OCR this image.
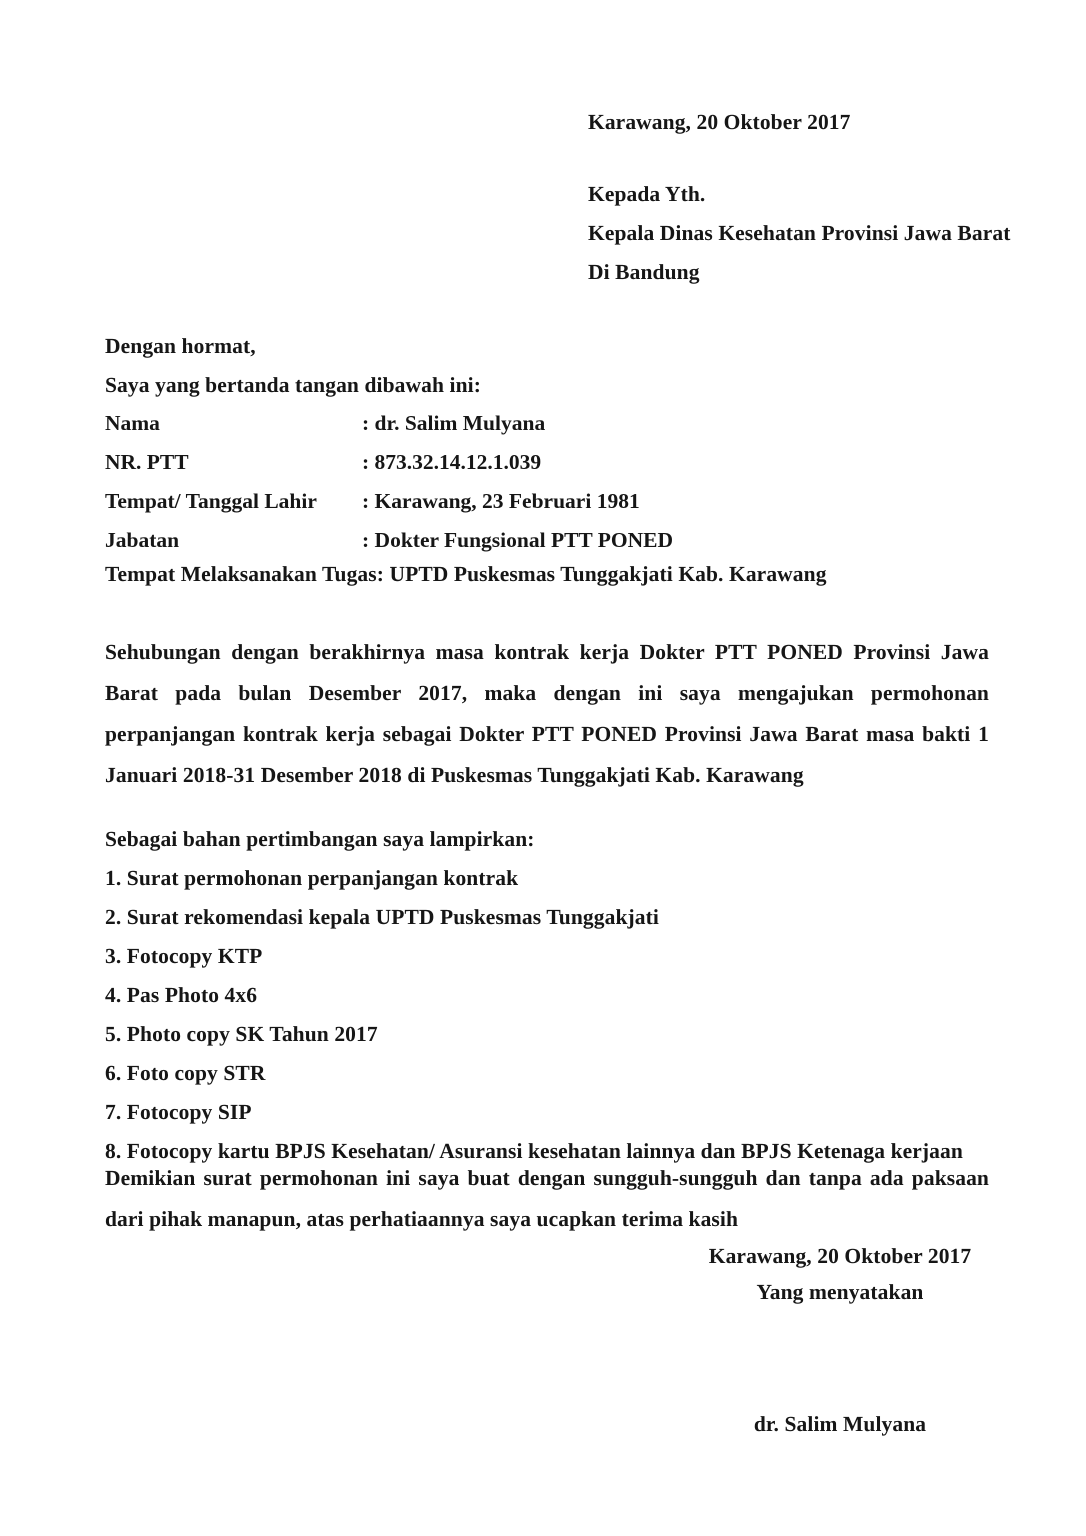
Karawang, 20 Oktober 2017
Kepada Yth.
Kepala Dinas Kesehatan Provinsi Jawa Barat
Di Bandung
Dengan hormat,
Saya yang bertanda tangan dibawah ini:
Nama	: dr. Salim Mulyana
NR. PTT	: 873.32.14.12.1.039
Tempat/ Tanggal Lahir	: Karawang, 23 Februari 1981
Jabatan	: Dokter Fungsional PTT PONED
Tempat Melaksanakan Tugas: UPTD Puskesmas Tunggakjati Kab. Karawang
Sehubungan dengan berakhirnya masa kontrak kerja Dokter PTT PONED Provinsi Jawa Barat pada bulan Desember 2017, maka dengan ini saya mengajukan permohonan perpanjangan kontrak kerja sebagai Dokter PTT PONED Provinsi Jawa Barat masa bakti 1 Januari 2018-31 Desember 2018 di Puskesmas Tunggakjati Kab. Karawang
Sebagai bahan pertimbangan saya lampirkan:
1. Surat permohonan perpanjangan kontrak
2. Surat rekomendasi kepala UPTD Puskesmas Tunggakjati
3. Fotocopy KTP
4. Pas Photo 4x6
5. Photo copy SK Tahun 2017
6. Foto copy STR
7. Fotocopy SIP
8. Fotocopy kartu BPJS Kesehatan/ Asuransi kesehatan lainnya dan BPJS Ketenaga kerjaan
Demikian surat permohonan ini saya buat dengan sungguh-sungguh dan tanpa ada paksaan dari pihak manapun, atas perhatiaannya saya ucapkan terima kasih
Karawang, 20 Oktober 2017
Yang menyatakan
dr. Salim Mulyana
